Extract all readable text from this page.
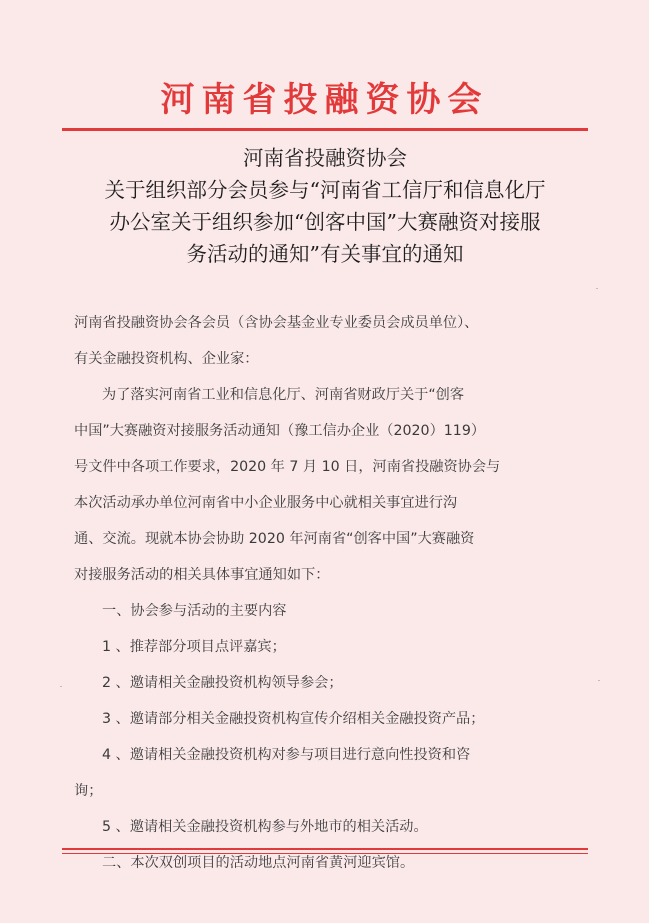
河南省投融资协会
河南省投融资协会
关于组织部分会员参与“河南省工信厅和信息化厅
办公室关于组织参加“创客中国”大赛融资对接服
务活动的通知”有关事宜的通知
河南省投融资协会各会员（含协会基金业专业委员会成员单位）、
有关金融投资机构、企业家：
为了落实河南省工业和信息化厅、河南省财政厅关于“创客
中国”大赛融资对接服务活动通知（豫工信办企业（2020）119）
号文件中各项工作要求，2020 年 7 月 10 日，河南省投融资协会与
本次活动承办单位河南省中小企业服务中心就相关事宜进行沟
通、交流。现就本协会协助 2020 年河南省“创客中国”大赛融资
对接服务活动的相关具体事宜通知如下：
一、协会参与活动的主要内容
1 、推荐部分项目点评嘉宾；
2 、邀请相关金融投资机构领导参会；
3 、邀请部分相关金融投资机构宣传介绍相关金融投资产品；
4 、邀请相关金融投资机构对参与项目进行意向性投资和咨
询；
5 、邀请相关金融投资机构参与外地市的相关活动。
二、本次双创项目的活动地点河南省黄河迎宾馆。
